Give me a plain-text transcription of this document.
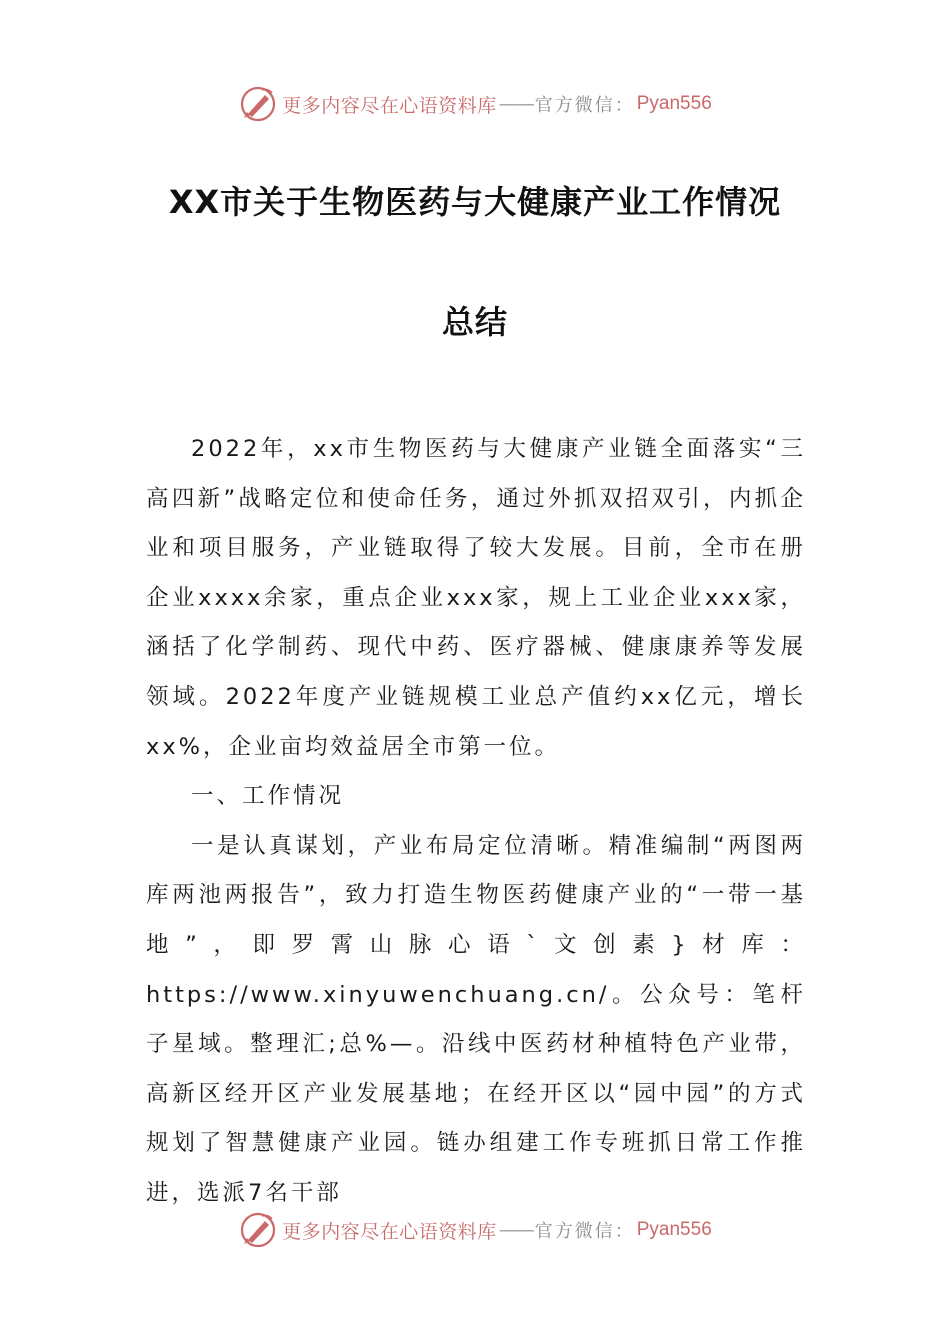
更多内容尽在心语资料库 —— 官方微信： Pyan556
XX市关于生物医药与大健康产业工作情况
总结

2022年，xx市生物医药与大健康产业链全面落实“三高四新”战略定位和使命任务，通过外抓双招双引，内抓企业和项目服务，产业链取得了较大发展。目前，全市在册企业xxxx余家，重点企业xxx家，规上工业企业xxx家，涵括了化学制药、现代中药、医疗器械、健康康养等发展领域。2022年度产业链规模工业总产值约xx亿元，增长xx%，企业亩均效益居全市第一位。

一、工作情况

一是认真谋划，产业布局定位清晰。精准编制“两图两库两池两报告”，致力打造生物医药健康产业的“一带一基地”，即罗霄山脉心语`文创素}材库：https://www.xinyuwenchuang.cn/。公众号：笔杆子星域。整理汇;总%—。沿线中医药材种植特色产业带，高新区经开区产业发展基地；在经开区以“园中园”的方式规划了智慧健康产业园。链办组建工作专班抓日常工作推进，选派7名干部

更多内容尽在心语资料库 —— 官方微信： Pyan556
